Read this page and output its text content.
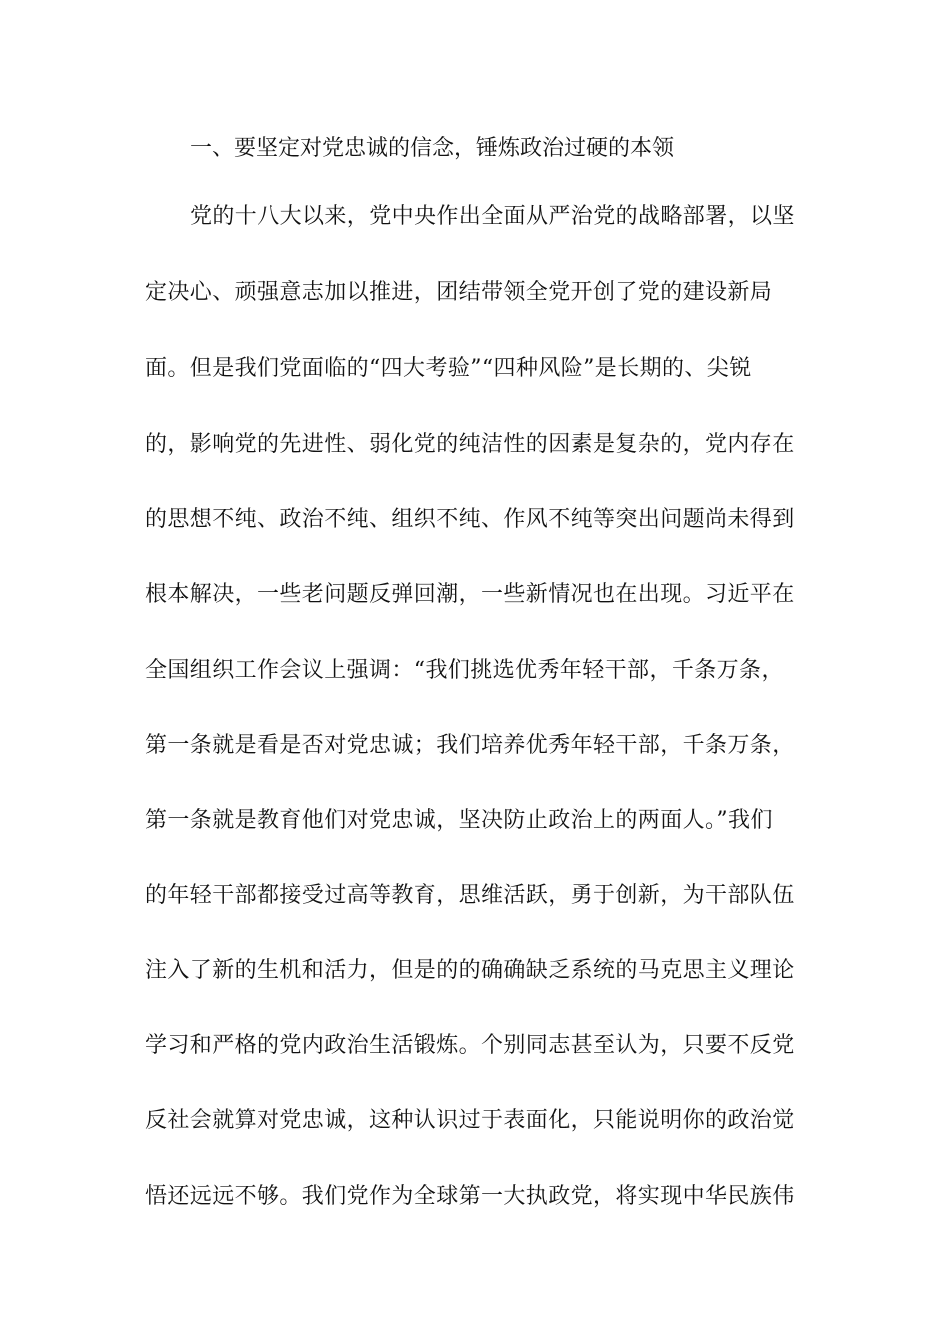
一、要坚定对党忠诚的信念，锤炼政治过硬的本领
党的十八大以来，党中央作出全面从严治党的战略部署，以坚
定决心、顽强意志加以推进，团结带领全党开创了党的建设新局
面。但是我们党面临的“四大考验”“四种风险”是长期的、尖锐
的，影响党的先进性、弱化党的纯洁性的因素是复杂的，党内存在
的思想不纯、政治不纯、组织不纯、作风不纯等突出问题尚未得到
根本解决，一些老问题反弹回潮，一些新情况也在出现。习近平在
全国组织工作会议上强调：“我们挑选优秀年轻干部，千条万条，
第一条就是看是否对党忠诚；我们培养优秀年轻干部，千条万条，
第一条就是教育他们对党忠诚，坚决防止政治上的两面人。”我们
的年轻干部都接受过高等教育，思维活跃，勇于创新，为干部队伍
注入了新的生机和活力，但是的的确确缺乏系统的马克思主义理论
学习和严格的党内政治生活锻炼。个别同志甚至认为，只要不反党
反社会就算对党忠诚，这种认识过于表面化，只能说明你的政治觉
悟还远远不够。我们党作为全球第一大执政党，将实现中华民族伟
